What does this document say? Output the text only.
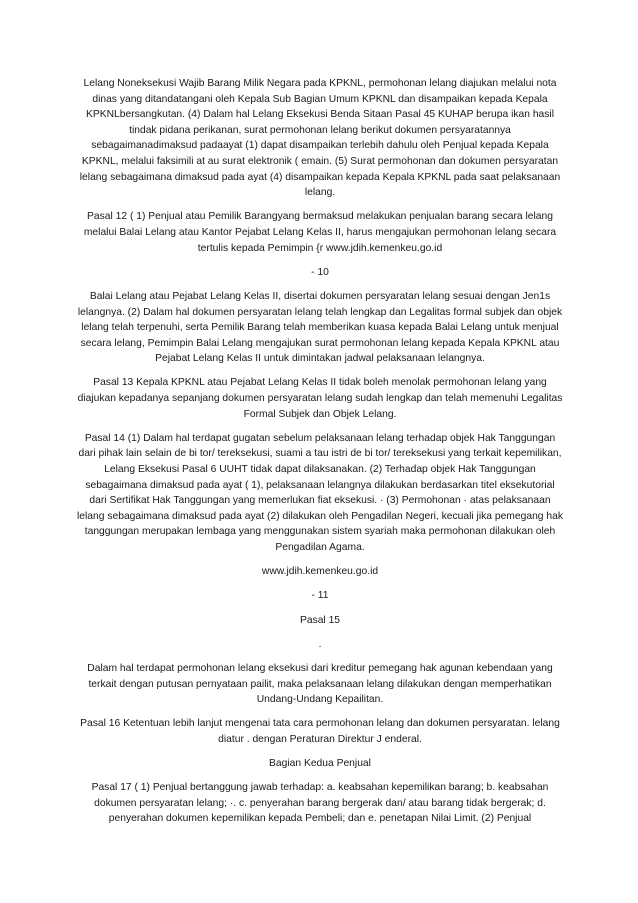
Lelang Noneksekusi Wajib Barang Milik Negara pada KPKNL, permohonan lelang diajukan melalui nota dinas yang ditandatangani oleh Kepala Sub Bagian Umum KPKNL dan disampaikan kepada Kepala KPKNLbersangkutan. (4) Dalam hal Lelang Eksekusi Benda Sitaan Pasal 45 KUHAP berupa ikan hasil tindak pidana perikanan, surat permohonan lelang berikut dokumen persyaratannya sebagaimanadimaksud padaayat (1) dapat disampaikan terlebih dahulu oleh Penjual kepada Kepala KPKNL, melalui faksimili at au surat elektronik ( emain. (5) Surat permohonan dan dokumen persyaratan lelang sebagaimana dimaksud pada ayat (4) disampaikan kepada Kepala KPKNL pada saat pelaksanaan lelang.

Pasal 12 ( 1) Penjual atau Pemilik Barangyang bermaksud melakukan penjualan barang secara lelang melalui Balai Lelang atau Kantor Pejabat Lelang Kelas II, harus mengajukan permohonan lelang secara tertulis kepada Pemimpin {r www.jdih.kemenkeu.go.id

- 10

Balai Lelang atau Pejabat Lelang Kelas II, disertai dokumen persyaratan lelang sesuai dengan Jen1s lelangnya. (2) Dalam hal dokumen persyaratan lelang telah lengkap dan Legalitas formal subjek dan objek lelang telah terpenuhi, serta Pemilik Barang telah memberikan kuasa kepada Balai Lelang untuk menjual secara lelang, Pemimpin Balai Lelang mengajukan surat permohonan lelang kepada Kepala KPKNL atau Pejabat Lelang Kelas II untuk dimintakan jadwal pelaksanaan lelangnya.

Pasal 13 Kepala KPKNL atau Pejabat Lelang Kelas II tidak boleh menolak permohonan lelang yang diajukan kepadanya sepanjang dokumen persyaratan lelang sudah lengkap dan telah memenuhi Legalitas Formal Subjek dan Objek Lelang.

Pasal 14 (1) Dalam hal terdapat gugatan sebelum pelaksanaan lelang terhadap objek Hak Tanggungan dari pihak lain selain de bi tor/ tereksekusi, suami a tau istri de bi tor/ tereksekusi yang terkait kepemilikan, Lelang Eksekusi Pasal 6 UUHT tidak dapat dilaksanakan. (2) Terhadap objek Hak Tanggungan sebagaimana dimaksud pada ayat ( 1), pelaksanaan lelangnya dilakukan berdasarkan titel eksekutorial dari Sertifikat Hak Tanggungan yang memerlukan fiat eksekusi. · (3) Permohonan · atas pelaksanaan lelang sebagaimana dimaksud pada ayat (2) dilakukan oleh Pengadilan Negeri, kecuali jika pemegang hak tanggungan merupakan lembaga yang menggunakan sistem syariah maka permohonan dilakukan oleh Pengadilan Agama.

www.jdih.kemenkeu.go.id

- 11

Pasal 15

.

Dalam hal terdapat permohonan lelang eksekusi dari kreditur pemegang hak agunan kebendaan yang terkait dengan putusan pernyataan pailit, maka pelaksanaan lelang dilakukan dengan memperhatikan Undang-Undang Kepailitan.

Pasal 16 Ketentuan lebih lanjut mengenai tata cara permohonan lelang dan dokumen persyaratan. lelang diatur . dengan Peraturan Direktur J enderal.

Bagian Kedua Penjual

Pasal 17 ( 1) Penjual bertanggung jawab terhadap: a. keabsahan kepemilikan barang; b. keabsahan dokumen persyaratan lelang; ·. c. penyerahan barang bergerak dan/ atau barang tidak bergerak; d. penyerahan dokumen kepemilikan kepada Pembeli; dan e. penetapan Nilai Limit. (2) Penjual
